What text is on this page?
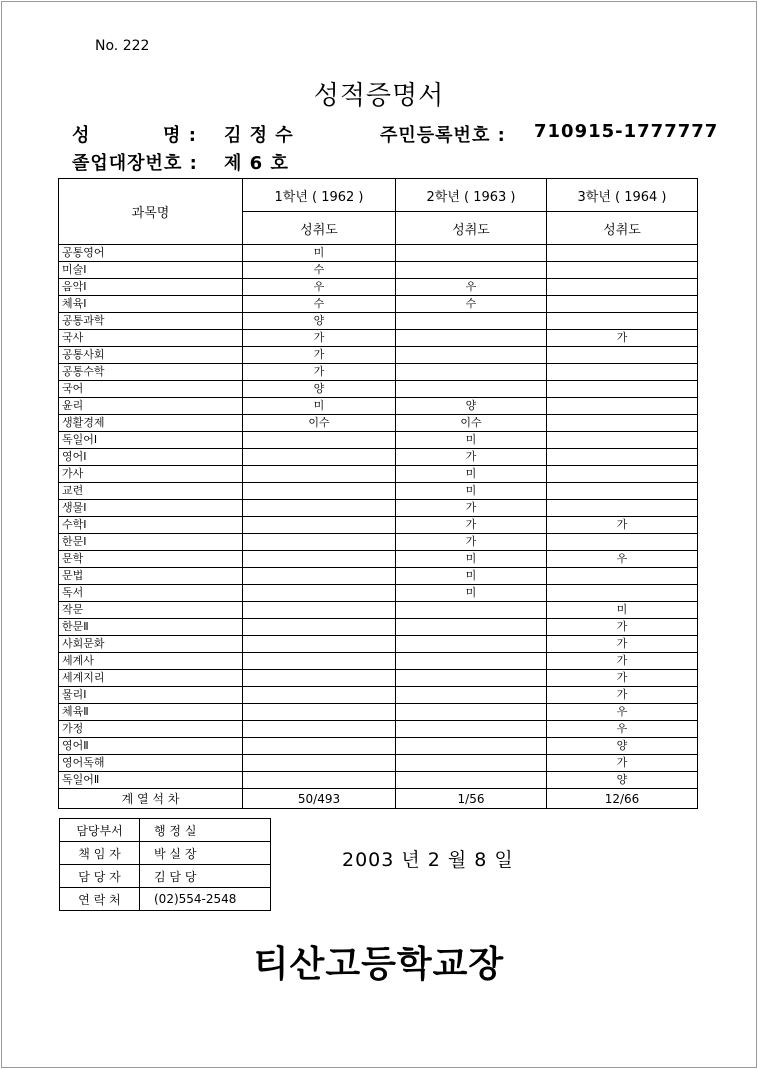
No. 222
성적증명서
성          명 : 김 정 수	주민등록번호 : 710915-1777777
졸업대장번호 : 제 6 호
과목명	1학년 ( 1962 )	2학년 ( 1963 )	3학년 ( 1964 )
	성취도	성취도	성취도
공통영어	미		
미술Ⅰ	수		
음악Ⅰ	우	우	
체육Ⅰ	수	수	
공통과학	양		
국사	가		가
공통사회	가		
공통수학	가		
국어	양		
윤리	미	양	
생활경제	이수	이수	
독일어Ⅰ		미	
영어Ⅰ		가	
가사		미	
교련		미	
생물Ⅰ		가	
수학Ⅰ		가	가
한문Ⅰ		가	
문학		미	우
문법		미	
독서		미	
작문			미
한문Ⅱ			가
사회문화			가
세계사			가
세계지리			가
물리Ⅰ			가
체육Ⅱ			우
가정			우
영어Ⅱ			양
영어독해			가
독일어Ⅱ			양
계 열 석 차	50/493	1/56	12/66
담당부서	행 정 실
책 임 자	박 실 장
담 당 자	김 담 당
연 락 처	(02)554-2548
2003 년 2 월 8 일
티산고등학교장
